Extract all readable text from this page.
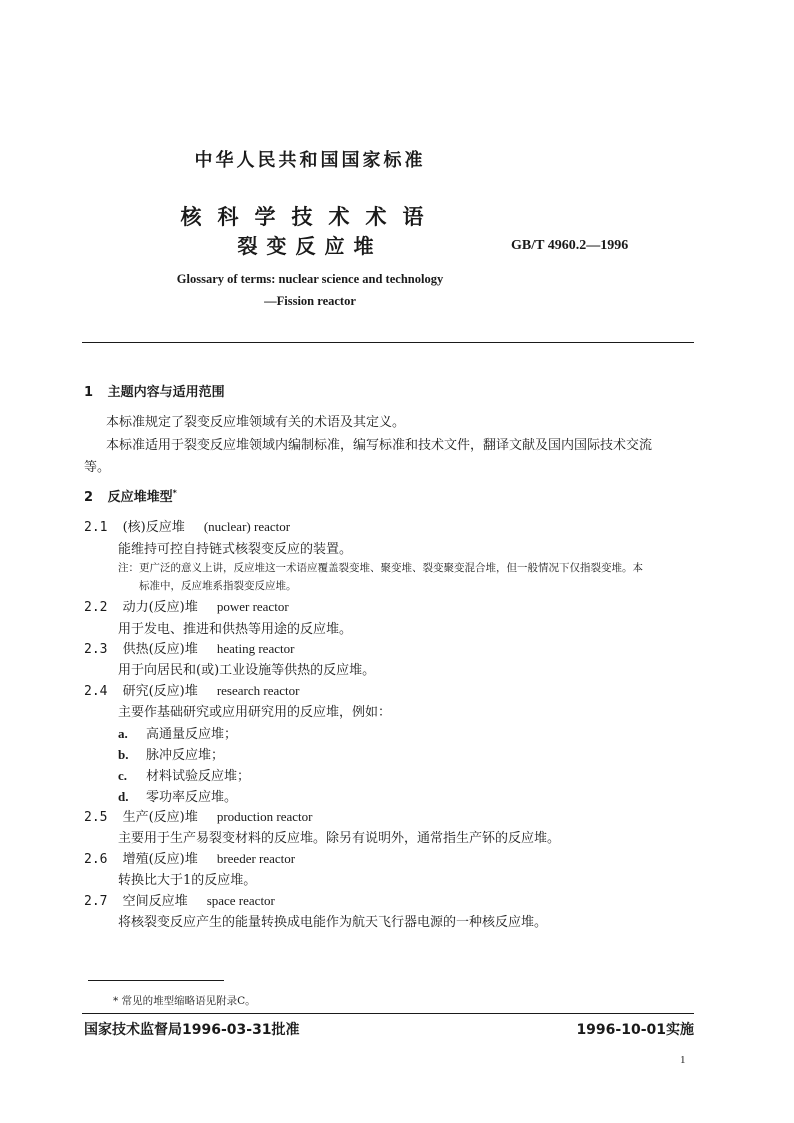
中华人民共和国国家标准
核科学技术术语
裂变反应堆	GB/T 4960.2—1996
Glossary of terms: nuclear science and technology
—Fission reactor
1 主题内容与适用范围
本标准规定了裂变反应堆领域有关的术语及其定义。
本标准适用于裂变反应堆领域内编制标准，编写标准和技术文件，翻译文献及国内国际技术交流
等。
2 反应堆堆型*
2.1 (核)反应堆 (nuclear) reactor
能维持可控自持链式核裂变反应的装置。
注：更广泛的意义上讲，反应堆这一术语应覆盖裂变堆、聚变堆、裂变聚变混合堆，但一般情况下仅指裂变堆。本
标准中，反应堆系指裂变反应堆。
2.2 动力(反应)堆 power reactor
用于发电、推进和供热等用途的反应堆。
2.3 供热(反应)堆 heating reactor
用于向居民和(或)工业设施等供热的反应堆。
2.4 研究(反应)堆 research reactor
主要作基础研究或应用研究用的反应堆，例如：
a. 高通量反应堆；
b. 脉冲反应堆；
c. 材料试验反应堆；
d. 零功率反应堆。
2.5 生产(反应)堆 production reactor
主要用于生产易裂变材料的反应堆。除另有说明外，通常指生产钚的反应堆。
2.6 增殖(反应)堆 breeder reactor
转换比大于1的反应堆。
2.7 空间反应堆 space reactor
将核裂变反应产生的能量转换成电能作为航天飞行器电源的一种核反应堆。
* 常见的堆型缩略语见附录C。
国家技术监督局1996-03-31批准	1996-10-01实施
1
